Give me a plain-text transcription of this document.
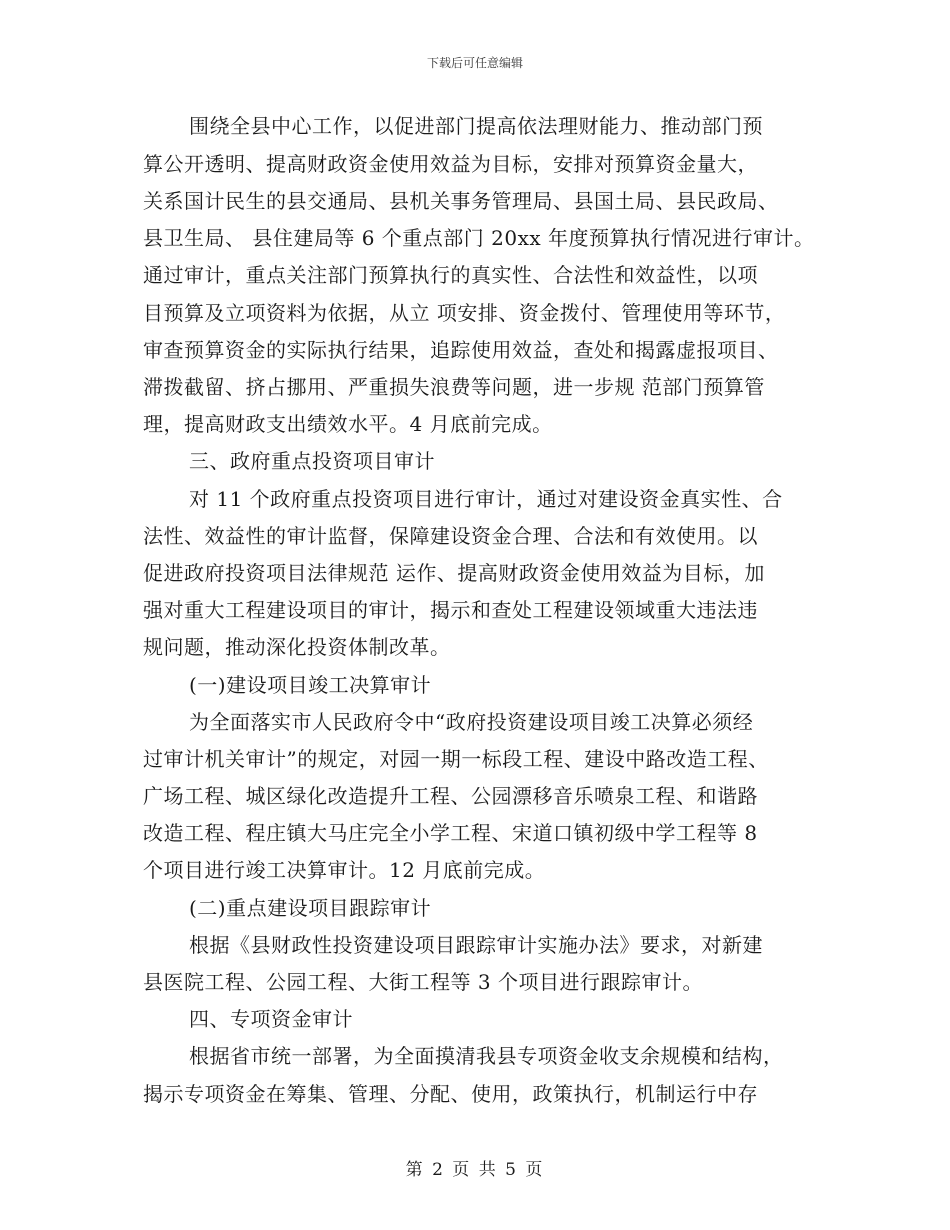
下载后可任意编辑
围绕全县中心工作，以促进部门提高依法理财能力、推动部门预
算公开透明、提高财政资金使用效益为目标，安排对预算资金量大，
关系国计民生的县交通局、县机关事务管理局、县国土局、县民政局、
县卫生局、 县住建局等 6 个重点部门 20xx 年度预算执行情况进行审计。
通过审计，重点关注部门预算执行的真实性、合法性和效益性，以项
目预算及立项资料为依据，从立 项安排、资金拨付、管理使用等环节，
审查预算资金的实际执行结果，追踪使用效益，查处和揭露虚报项目、
滞拨截留、挤占挪用、严重损失浪费等问题，进一步规 范部门预算管
理，提高财政支出绩效水平。4 月底前完成。
三、政府重点投资项目审计
对 11 个政府重点投资项目进行审计，通过对建设资金真实性、合
法性、效益性的审计监督，保障建设资金合理、合法和有效使用。以
促进政府投资项目法律规范 运作、提高财政资金使用效益为目标，加
强对重大工程建设项目的审计，揭示和查处工程建设领域重大违法违
规问题，推动深化投资体制改革。
(一)建设项目竣工决算审计
为全面落实市人民政府令中“政府投资建设项目竣工决算必须经
过审计机关审计”的规定，对园一期一标段工程、建设中路改造工程、
广场工程、城区绿化改造提升工程、公园漂移音乐喷泉工程、和谐路
改造工程、程庄镇大马庄完全小学工程、宋道口镇初级中学工程等 8
个项目进行竣工决算审计。12 月底前完成。
(二)重点建设项目跟踪审计
根据《县财政性投资建设项目跟踪审计实施办法》要求，对新建
县医院工程、公园工程、大街工程等 3 个项目进行跟踪审计。
四、专项资金审计
根据省市统一部署，为全面摸清我县专项资金收支余规模和结构，
揭示专项资金在筹集、管理、分配、使用，政策执行，机制运行中存
第 2 页 共 5 页
